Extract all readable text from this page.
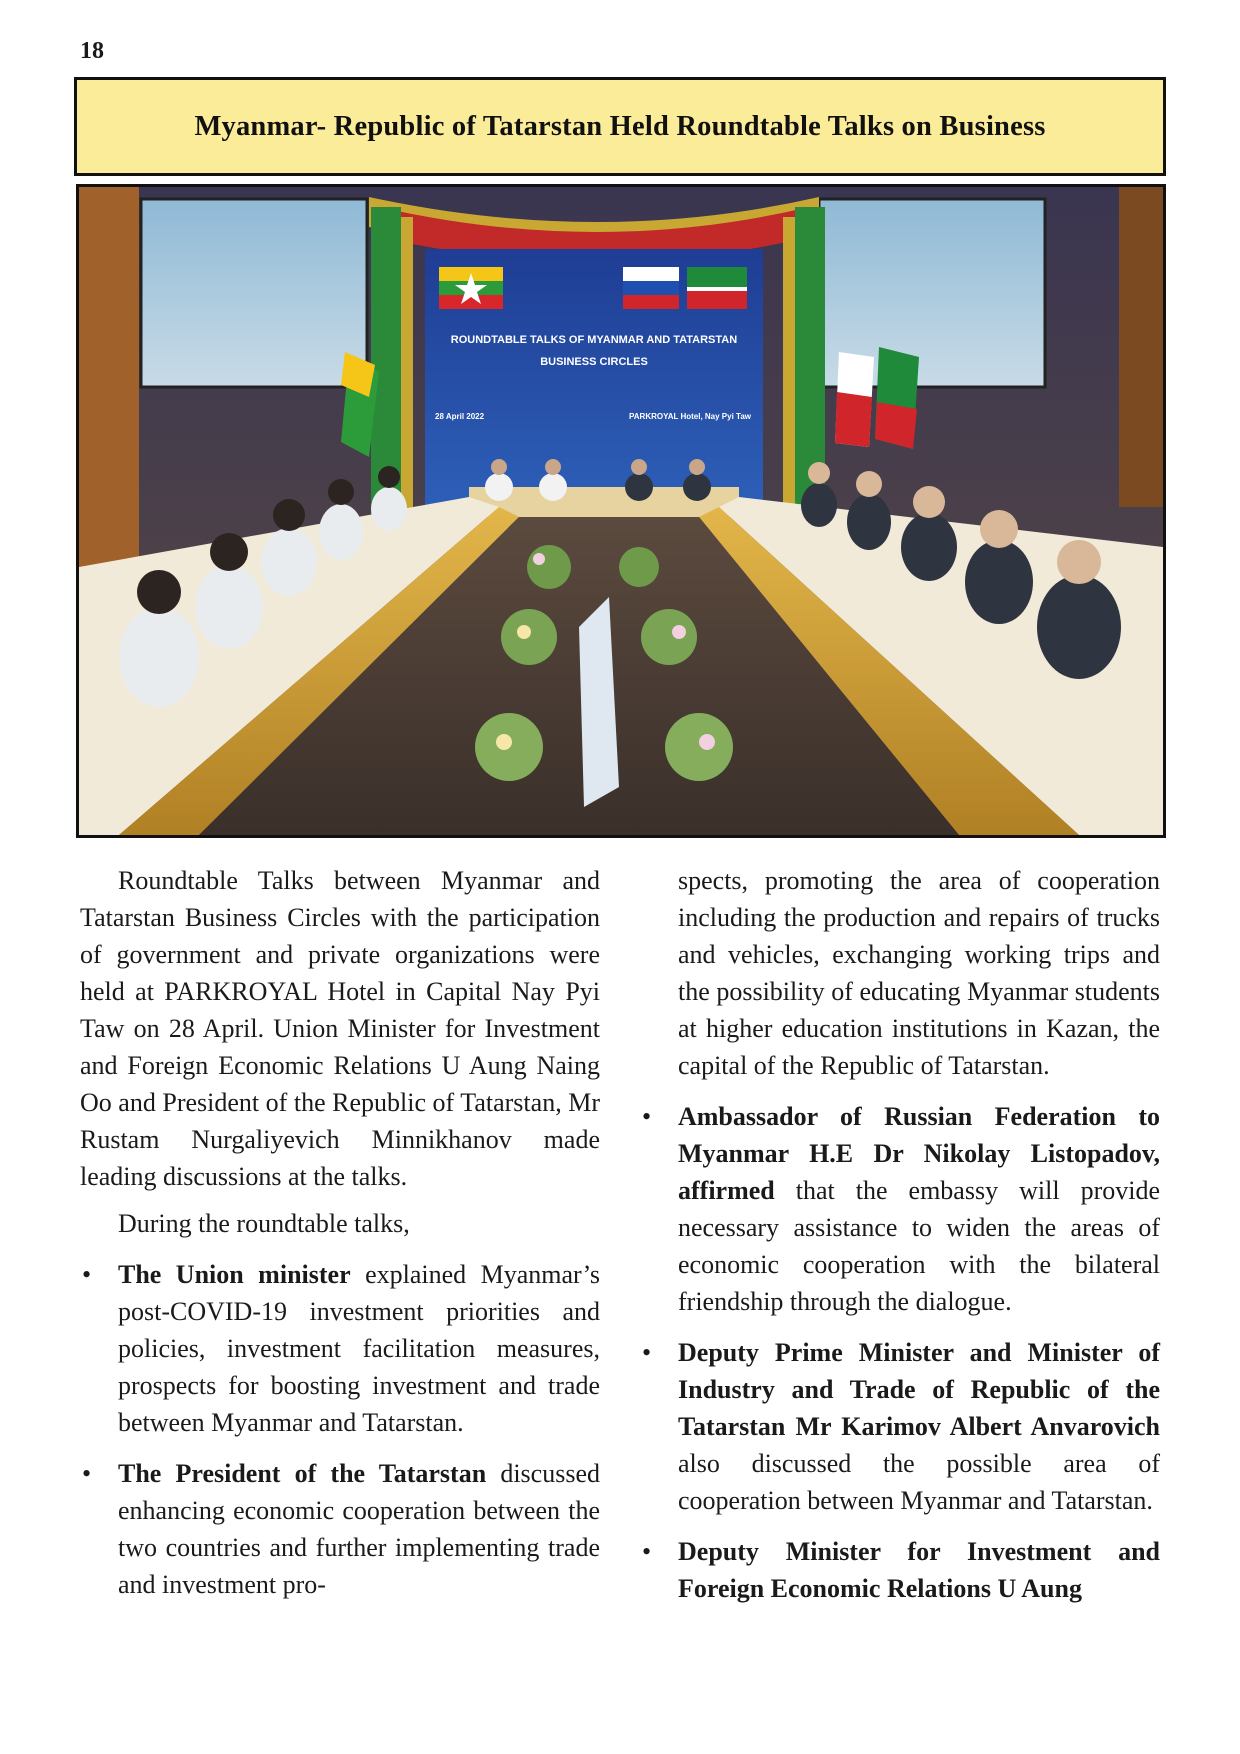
18
Myanmar- Republic of Tatarstan Held Roundtable Talks on Business
ROUNDTABLE TALKS OF MYANMAR AND TATARSTAN
BUSINESS CIRCLES
28 April 2022	PARKROYAL Hotel, Nay Pyi Taw

Roundtable Talks between Myanmar and Tatarstan Business Circles with the participation of government and private organizations were held at PARKROYAL Hotel in Capital Nay Pyi Taw on 28 April. Union Minister for Investment and Foreign Economic Relations U Aung Naing Oo and President of the Republic of Tatarstan, Mr Rustam Nurgaliyevich Minnikhanov made leading discussions at the talks.

During the roundtable talks,

• The Union minister explained Myanmar’s post-COVID-19 investment priorities and policies, investment facilitation measures, prospects for boosting investment and trade between Myanmar and Tatarstan.
• The President of the Tatarstan discussed enhancing economic cooperation between the two countries and further implementing trade and investment pro-

spects, promoting the area of cooperation including the production and repairs of trucks and vehicles, exchanging working trips and the possibility of educating Myanmar students at higher education institutions in Kazan, the capital of the Republic of Tatarstan.

• Ambassador of Russian Federation to Myanmar H.E Dr Nikolay Listopadov, affirmed that the embassy will provide necessary assistance to widen the areas of economic cooperation with the bilateral friendship through the dialogue.
• Deputy Prime Minister and Minister of Industry and Trade of Republic of the Tatarstan Mr Karimov Albert Anvarovich also discussed the possible area of cooperation between Myanmar and Tatarstan.
• Deputy Minister for Investment and Foreign Economic Relations U Aung
